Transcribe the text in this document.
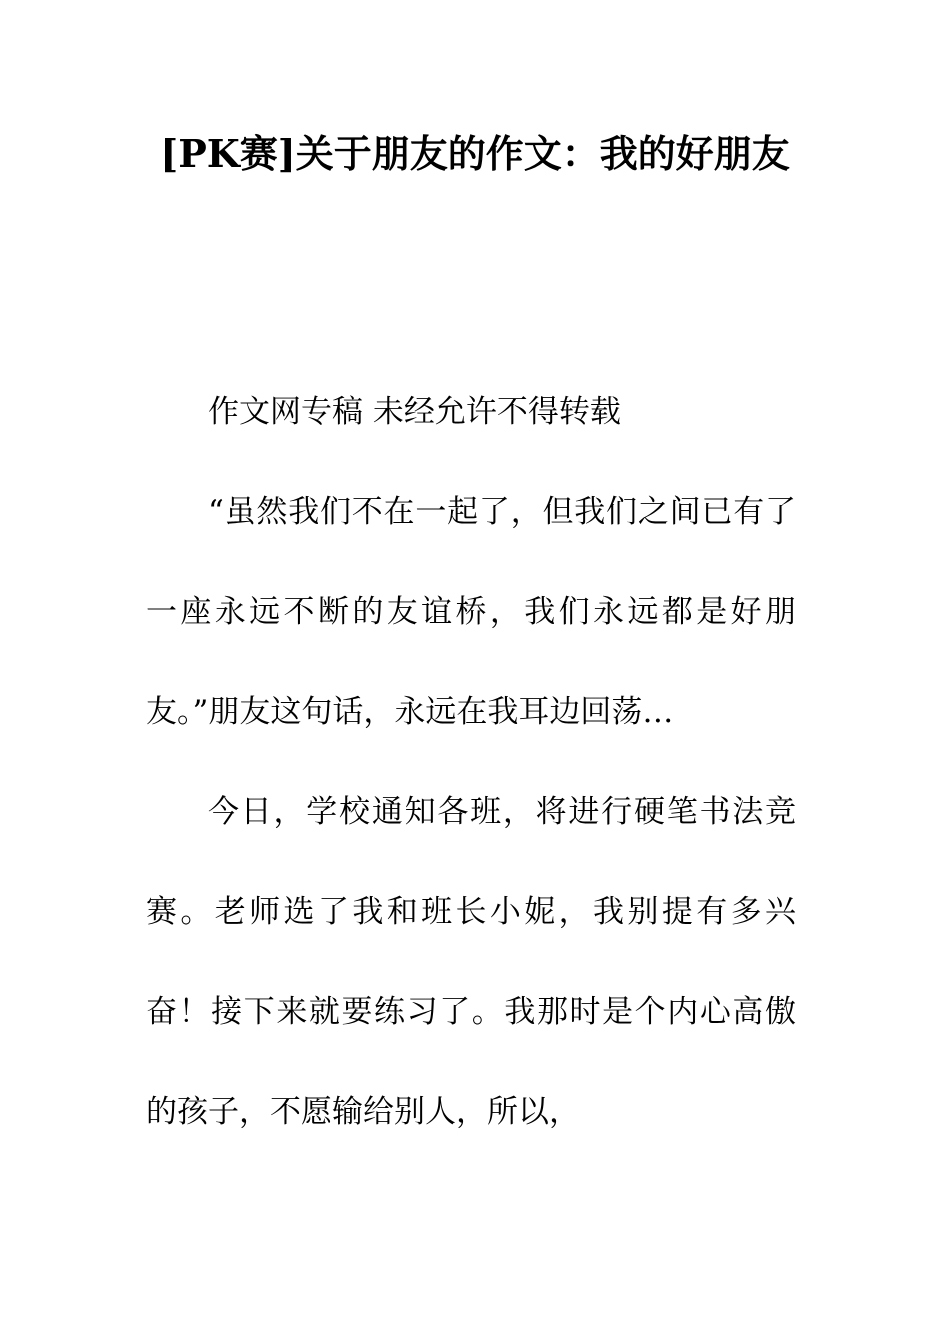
[PK赛]关于朋友的作文：我的好朋友

作文网专稿 未经允许不得转载

“虽然我们不在一起了，但我们之间已有了一座永远不断的友谊桥，我们永远都是好朋友。”朋友这句话，永远在我耳边回荡…

今日，学校通知各班，将进行硬笔书法竞赛。老师选了我和班长小妮，我别提有多兴奋！接下来就要练习了。我那时是个内心高傲的孩子，不愿输给别人，所以，
